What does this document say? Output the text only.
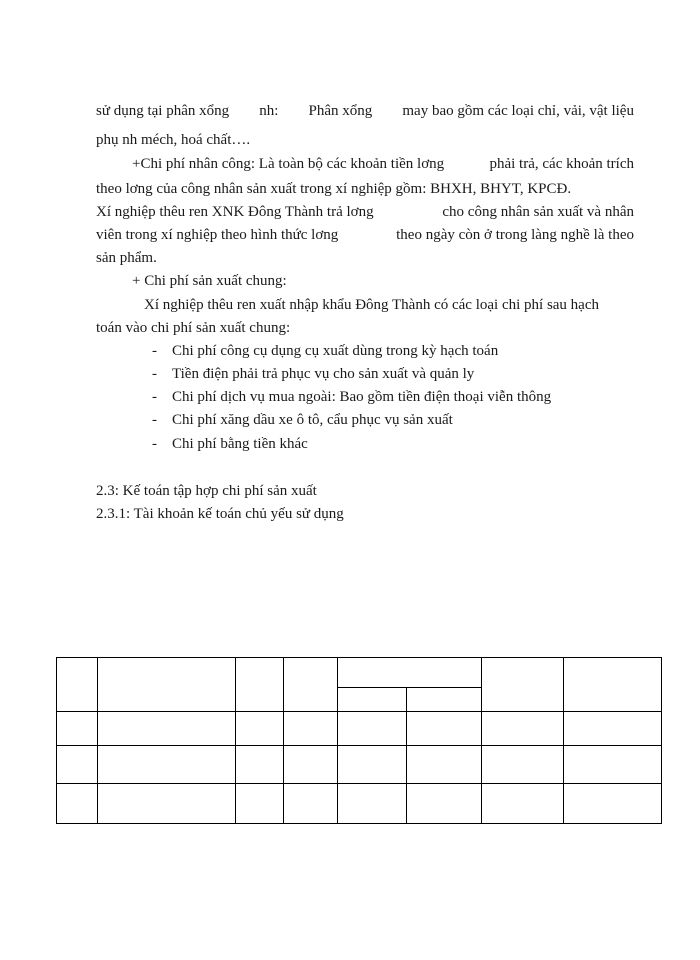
sử dụng tại phân xổng nh: Phân xổng may bao gồm các loại chỉ, vải, vật liệu
phụ nh méch, hoá chất….
+Chi phí nhân công: Là toàn bộ các khoản tiền lơng	phải trả, các khoản trích
theo lơng của công nhân sản xuất trong xí nghiệp gồm: BHXH, BHYT, KPCĐ.
Xí nghiệp thêu ren XNK Đông Thành trả lơng	cho công nhân sản xuất và nhân
viên trong xí nghiệp theo hình thức lơng	theo ngày còn ở trong làng nghề là theo
sản phẩm.
+ Chi phí sản xuất chung:
Xí nghiệp thêu ren xuất nhập khẩu Đông Thành có các loại chi phí sau hạch
toán vào chi phí sản xuất chung:
- Chi phí công cụ dụng cụ xuất dùng trong kỳ hạch toán
- Tiền điện phải trả phục vụ cho sản xuất và quản ly
- Chi phí dịch vụ mua ngoài: Bao gồm tiền điện thoại viễn thông
- Chi phí xăng dầu xe ô tô, cẩu phục vụ sản xuất
- Chi phí bằng tiền khác
2.3: Kế toán tập hợp chi phí sản xuất
2.3.1: Tài khoản kế toán chủ yếu sử dụng
